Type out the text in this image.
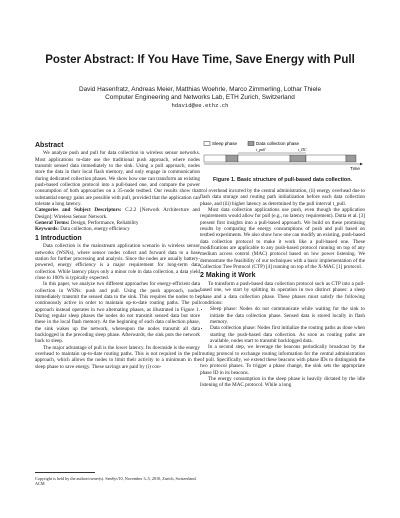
Poster Abstract: If You Have Time, Save Energy with Pull
David Hasenfratz, Andreas Meier, Matthias Woehrle, Marco Zimmerling, Lothar Thiele
Computer Engineering and Networks Lab, ETH Zurich, Switzerland
hdavid@ee.ethz.ch
Abstract

We analyze push and pull for data collection in wireless sensor networks. Most applications to-date use the traditional push approach, where nodes transmit sensed data immediately to the sink. Using a pull approach, nodes store the data in their local flash memory, and only engage in communication during dedicated collection phases. We show how one can transform an existing push-based collection protocol into a pull-based one, and compare the power consumption of both approaches on a 35-node testbed. Our results show that substantial energy gains are possible with pull, provided that the application can tolerate a long latency.

Categories and Subject Descriptors: C.2.2 [Network Architecture and Design]: Wireless Sensor Network.

General Terms: Design, Performance, Reliability

Keywords: Data collection, energy efficiency

1 Introduction

Data collection is the mainstream application scenario in wireless sensor networks (WSNs), where sensor nodes collect and forward data to a base station for further processing and analysis. Since the nodes are usually battery-powered, energy efficiency is a major requirement for long-term data collection. While latency plays only a minor role in data collection, a data yield close to 100% is typically expected.

In this paper, we analyze two different approaches for energy-efficient data collection in WSNs: push and pull. Using the push approach, nodes immediately transmit the sensed data to the sink. This requires the nodes to be continuously active in order to maintain up-to-date routing paths. The pull approach instead operates in two alternating phases, as illustrated in Figure 1. During regular sleep phases the nodes do not transmit sensed data but store these in the local flash memory. At the beginning of each data collection phase, the sink wakes up the network, whereupon the nodes transmit all data backlogged in the preceding sleep phase. Afterwards, the sink puts the network back to sleep.

The major advantage of pull is the lower latency. Its downside is the energy overhead to maintain up-to-date routing paths. This is not required in the pull approach, which allows the nodes to limit their activity to a minimum in the sleep phase to save energy. These savings are paid by (i) con-

Copyright is held by the author/owner(s). SenSys'10, November 3–5, 2010, Zurich, Switzerland. ACM
Sleep phase	Data collection phase
t_pull	t_DC
Time
Figure 1. Basic structure of pull-based data collection.

trol overhead incurred by the central administration, (ii) energy overhead due to flash data storage and routing path initialization before each data collection phase, and (iii) higher latency as determined by the pull interval t_pull.

Most data collection applications use push, even though the application requirements would allow for pull (e.g., no latency requirement). Dutta et al. [3] present first insights into a pull-based approach. We build on these promising results by comparing the energy consumptions of push and pull based on testbed experiments. We also show how one can modify an existing, push-based data collection protocol to make it work like a pull-based one. These modifications are applicable to any push-based protocol running on top of any medium access control (MAC) protocol based on low power listening. We demonstrate the feasibility of our techniques with a basic implementation of the Collection Tree Protocol (CTP) [4] running on top of the X-MAC [1] protocol.

2 Making it Work

To transform a push-based data collection protocol such as CTP into a pull-based one, we start by splitting its operation in two distinct phases: a sleep phase and a data collection phase. These phases must satisfy the following conditions:

• Sleep phase: Nodes do not communicate while waiting for the sink to initiate the data collection phase. Sensed data is stored locally in flash memory.
• Data collection phase: Nodes first initialize the routing paths as done when starting the push-based data collection. As soon as routing paths are available, nodes start to transmit backlogged data.

In a second step, we leverage the beacons periodically broadcast by the routing protocol to exchange routing information for the central administration of pull. Specifically, we extend these beacons with phase IDs to distinguish the two protocol phases. To trigger a phase change, the sink sets the appropriate phase ID in its beacons.

The energy consumption in the sleep phase is heavily dictated by the idle listening of the MAC protocol. While a long
